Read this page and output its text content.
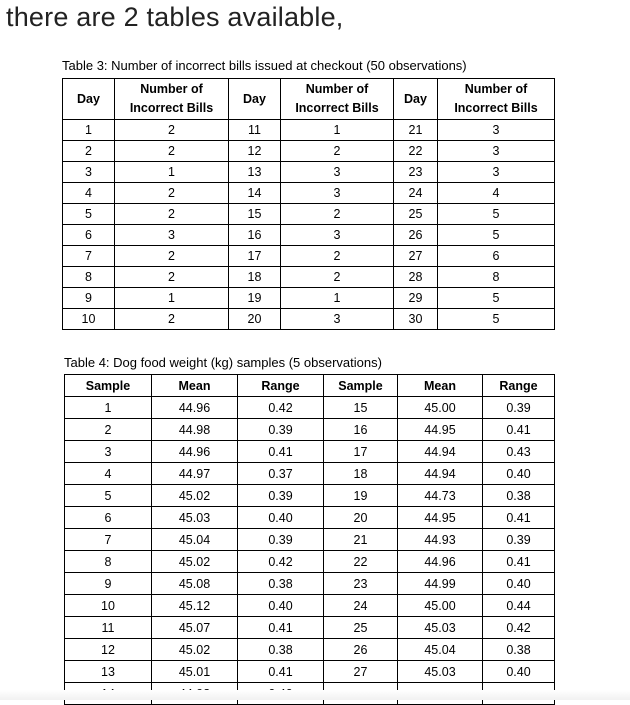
there are 2 tables available,
Table 3: Number of incorrect bills issued at checkout (50 observations)
Day	Number of
Incorrect Bills	Day	Number of
Incorrect Bills	Day	Number of
Incorrect Bills
1	2	11	1	21	3
2	2	12	2	22	3
3	1	13	3	23	3
4	2	14	3	24	4
5	2	15	2	25	5
6	3	16	3	26	5
7	2	17	2	27	6
8	2	18	2	28	8
9	1	19	1	29	5
10	2	20	3	30	5
Table 4: Dog food weight (kg) samples (5 observations)
Sample	Mean	Range	Sample	Mean	Range
1	44.96	0.42	15	45.00	0.39
2	44.98	0.39	16	44.95	0.41
3	44.96	0.41	17	44.94	0.43
4	44.97	0.37	18	44.94	0.40
5	45.02	0.39	19	44.73	0.38
6	45.03	0.40	20	44.95	0.41
7	45.04	0.39	21	44.93	0.39
8	45.02	0.42	22	44.96	0.41
9	45.08	0.38	23	44.99	0.40
10	45.12	0.40	24	45.00	0.44
11	45.07	0.41	25	45.03	0.42
12	45.02	0.38	26	45.04	0.38
13	45.01	0.41	27	45.03	0.40
